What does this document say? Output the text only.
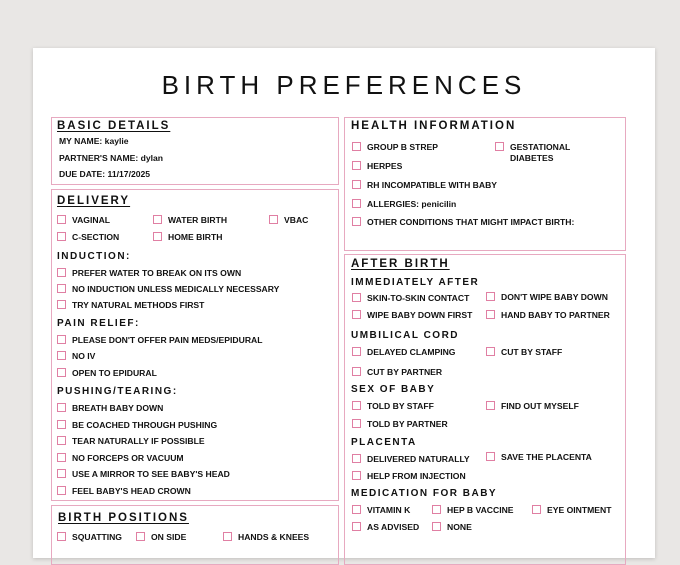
BIRTH PREFERENCES
BASIC DETAILS
MY NAME: kaylie
PARTNER'S NAME: dylan
DUE DATE: 11/17/2025
HEALTH INFORMATION
GROUP B STREP	GESTATIONAL DIABETES
HERPES
RH INCOMPATIBLE WITH BABY
ALLERGIES: penicilin
OTHER CONDITIONS THAT MIGHT IMPACT BIRTH:
DELIVERY
VAGINAL	WATER BIRTH	VBAC
C-SECTION	HOME BIRTH
INDUCTION:
PREFER WATER TO BREAK ON ITS OWN
NO INDUCTION UNLESS MEDICALLY NECESSARY
TRY NATURAL METHODS FIRST
PAIN RELIEF:
PLEASE DON'T OFFER PAIN MEDS/EPIDURAL
NO IV
OPEN TO EPIDURAL
PUSHING/TEARING:
BREATH BABY DOWN
BE COACHED THROUGH PUSHING
TEAR NATURALLY IF POSSIBLE
NO FORCEPS OR VACUUM
USE A MIRROR TO SEE BABY'S HEAD
FEEL BABY'S HEAD CROWN
BIRTH POSITIONS
SQUATTING	ON SIDE	HANDS & KNEES
AFTER BIRTH
IMMEDIATELY AFTER
SKIN-TO-SKIN CONTACT	DON'T WIPE BABY DOWN
WIPE BABY DOWN FIRST	HAND BABY TO PARTNER
UMBILICAL CORD
DELAYED CLAMPING	CUT BY STAFF
CUT BY PARTNER
SEX OF BABY
TOLD BY STAFF	FIND OUT MYSELF
TOLD BY PARTNER
PLACENTA
DELIVERED NATURALLY	SAVE THE PLACENTA
HELP FROM INJECTION
MEDICATION FOR BABY
VITAMIN K	HEP B VACCINE	EYE OINTMENT
AS ADVISED	NONE
